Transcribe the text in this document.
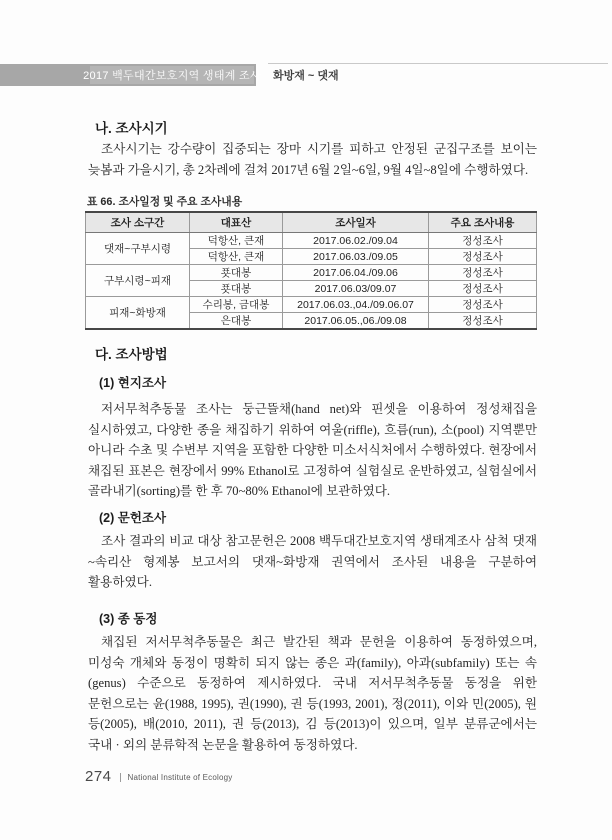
2017 백두대간보호지역 생태계 조사 화방재 ~ 댓재
나. 조사시기
조사시기는 강수량이 집중되는 장마 시기를 피하고 안정된 군집구조를 보이는 늦봄과 가을시기, 총 2차례에 걸쳐 2017년 6월 2일~6일, 9월 4일~8일에 수행하였다.
표 66. 조사일정 및 주요 조사내용
조사 소구간	대표산	조사일자	주요 조사내용
댓재~구부시령	덕항산, 큰재	2017.06.02./09.04	정성조사
	덕항산, 큰재	2017.06.03./09.05	정성조사
구부시령~피재	푯대봉	2017.06.04./09.06	정성조사
	푯대봉	2017.06.03/09.07	정성조사
피재~화방재	수리봉, 금대봉	2017.06.03.,04./09.06.07	정성조사
	은대봉	2017.06.05.,06./09.08	정성조사
다. 조사방법
(1) 현지조사
저서무척추동물 조사는 둥근뜰채(hand net)와 핀셋을 이용하여 정성채집을 실시하였고, 다양한 종을 채집하기 위하여 여울(riffle), 흐름(run), 소(pool) 지역뿐만 아니라 수초 및 수변부 지역을 포함한 다양한 미소서식처에서 수행하였다. 현장에서 채집된 표본은 현장에서 99% Ethanol로 고정하여 실험실로 운반하였고, 실험실에서 골라내기(sorting)를 한 후 70~80% Ethanol에 보관하였다.
(2) 문헌조사
조사 결과의 비교 대상 참고문헌은 2008 백두대간보호지역 생태계조사 삼척 댓재~속리산 형제봉 보고서의 댓재~화방재 권역에서 조사된 내용을 구분하여 활용하였다.
(3) 종 동정
채집된 저서무척추동물은 최근 발간된 책과 문헌을 이용하여 동정하였으며, 미성숙 개체와 동정이 명확히 되지 않는 종은 과(family), 아과(subfamily) 또는 속(genus) 수준으로 동정하여 제시하였다. 국내 저서무척추동물 동정을 위한 문헌으로는 윤(1988, 1995), 권(1990), 권 등(1993, 2001), 정(2011), 이와 민(2005), 원 등(2005), 배(2010, 2011), 권 등(2013), 김 등(2013)이 있으며, 일부 분류군에서는 국내 · 외의 분류학적 논문을 활용하여 동정하였다.
274 National Institute of Ecology
